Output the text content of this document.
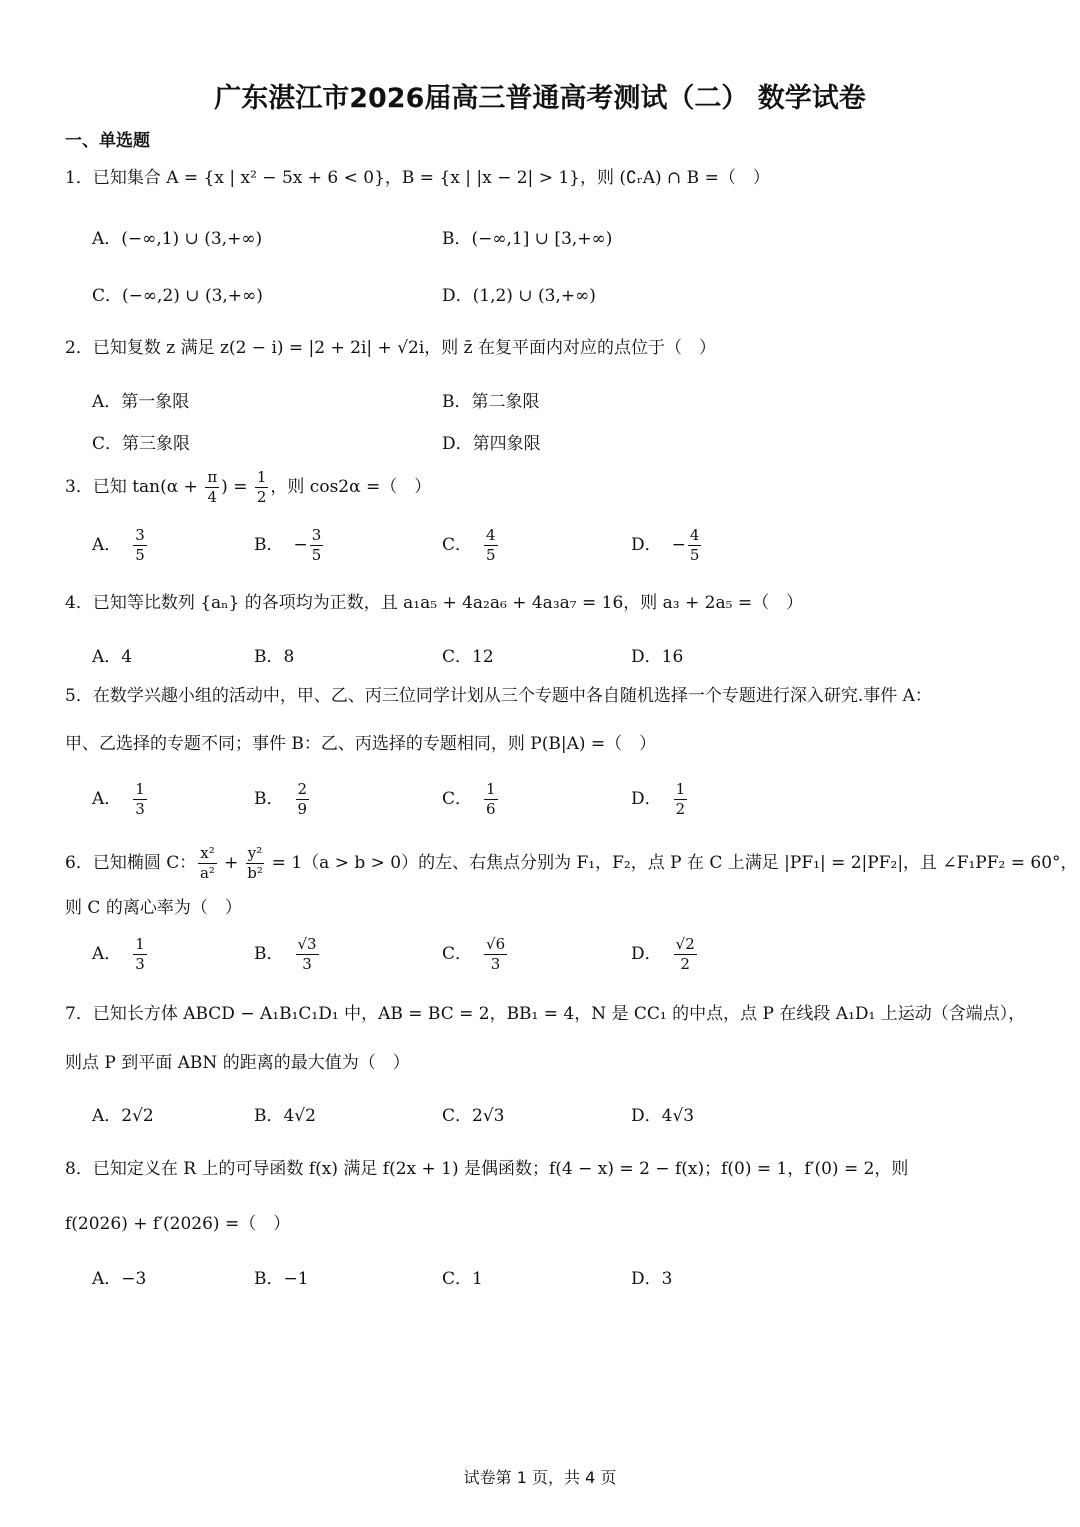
广东湛江市2026届高三普通高考测试（二） 数学试卷
一、单选题
1．已知集合 A = {x | x² − 5x + 6 < 0}，B = {x | |x − 2| > 1}，则 (∁ᵣA) ∩ B =（　）
A．(−∞,1) ∪ (3,+∞)	B．(−∞,1] ∪ [3,+∞)
C．(−∞,2) ∪ (3,+∞)	D．(1,2) ∪ (3,+∞)
2．已知复数 z 满足 z(2 − i) = |2 + 2i| + √2i，则 z̄ 在复平面内对应的点位于（　）
A．第一象限	B．第二象限
C．第三象限	D．第四象限
3．已知 $\tan(\alpha + \frac{\pi}{4}$ ) = $\frac{1}{2}$ ，则 cos2α =（　）
A． $\frac{3}{5}$	B． − $\frac{3}{5}$	C． $\frac{4}{5}$	D． − $\frac{4}{5}$
4．已知等比数列 {aₙ} 的各项均为正数，且 a₁a₅ + 4a₂a₆ + 4a₃a₇ = 16，则 a₃ + 2a₅ =（　）
A．4	B．8	C．12	D．16
5．在数学兴趣小组的活动中，甲、乙、丙三位同学计划从三个专题中各自随机选择一个专题进行深入研究.事件 A：
甲、乙选择的专题不同；事件 B：乙、丙选择的专题相同，则 P(B|A) =（　）
A． $\frac{1}{3}$	B． $\frac{2}{9}$	C． $\frac{1}{6}$	D． $\frac{1}{2}$
6．已知椭圆 C： $\frac{\text{x²}}{\text{a²}} + \frac{\text{y²}}{\text{b²}} = 1(a > b > 0)$的左、右焦点分别为 F₁，F₂，点 P 在 C 上满足 |PF₁| = 2|PF₂|，且 ∠F₁PF₂ = 60°，
则 C 的离心率为（　）
A． $\frac{1}{3}$	B． $\frac{√3}{3}$	C． $\frac{√6}{3}$	D． $\frac{√2}{2}$
7．已知长方体 ABCD − A₁B₁C₁D₁ 中，AB = BC = 2，BB₁ = 4，N 是 CC₁ 的中点，点 P 在线段 A₁D₁ 上运动（含端点），
则点 P 到平面 ABN 的距离的最大值为（　）
A．2√2	B．4√2	C．2√3	D．4√3
8．已知定义在 R 上的可导函数 f(x) 满足 f(2x + 1) 是偶函数；f(4 − x) = 2 − f(x)；f(0) = 1，f′(0) = 2，则
f(2026) + f′(2026) =（　）
A．−3	B．−1	C．1	D．3
试卷第 1 页，共 4 页
